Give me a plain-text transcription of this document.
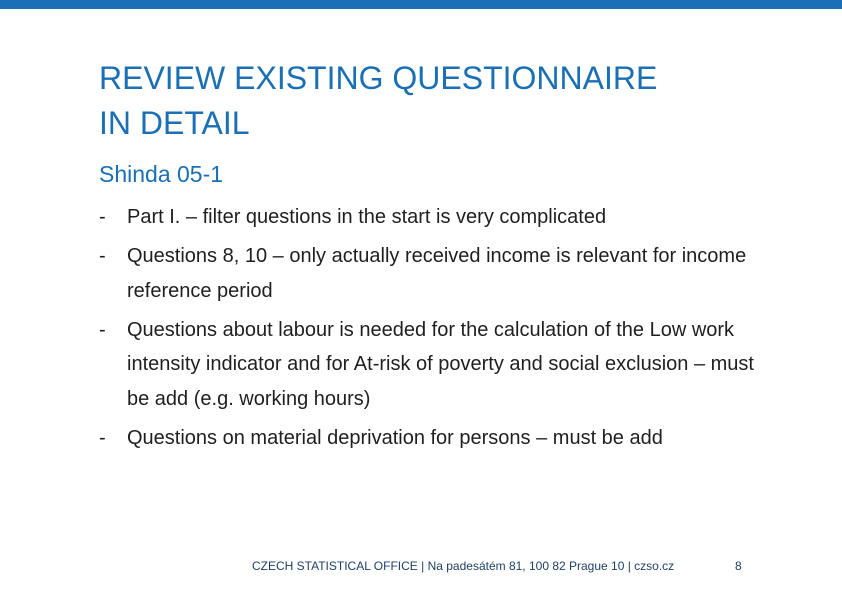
REVIEW EXISTING QUESTIONNAIRE
IN DETAIL
Shinda 05-1
- Part I. – filter questions in the start is very complicated
- Questions 8, 10 – only actually received income is relevant for income reference period
- Questions about labour is needed for the calculation of the Low work intensity indicator and for At-risk of poverty and social exclusion – must be add (e.g. working hours)
- Questions on material deprivation for persons – must be add
CZECH STATISTICAL OFFICE | Na padesátém 81, 100 82 Prague 10 | czso.cz	8
